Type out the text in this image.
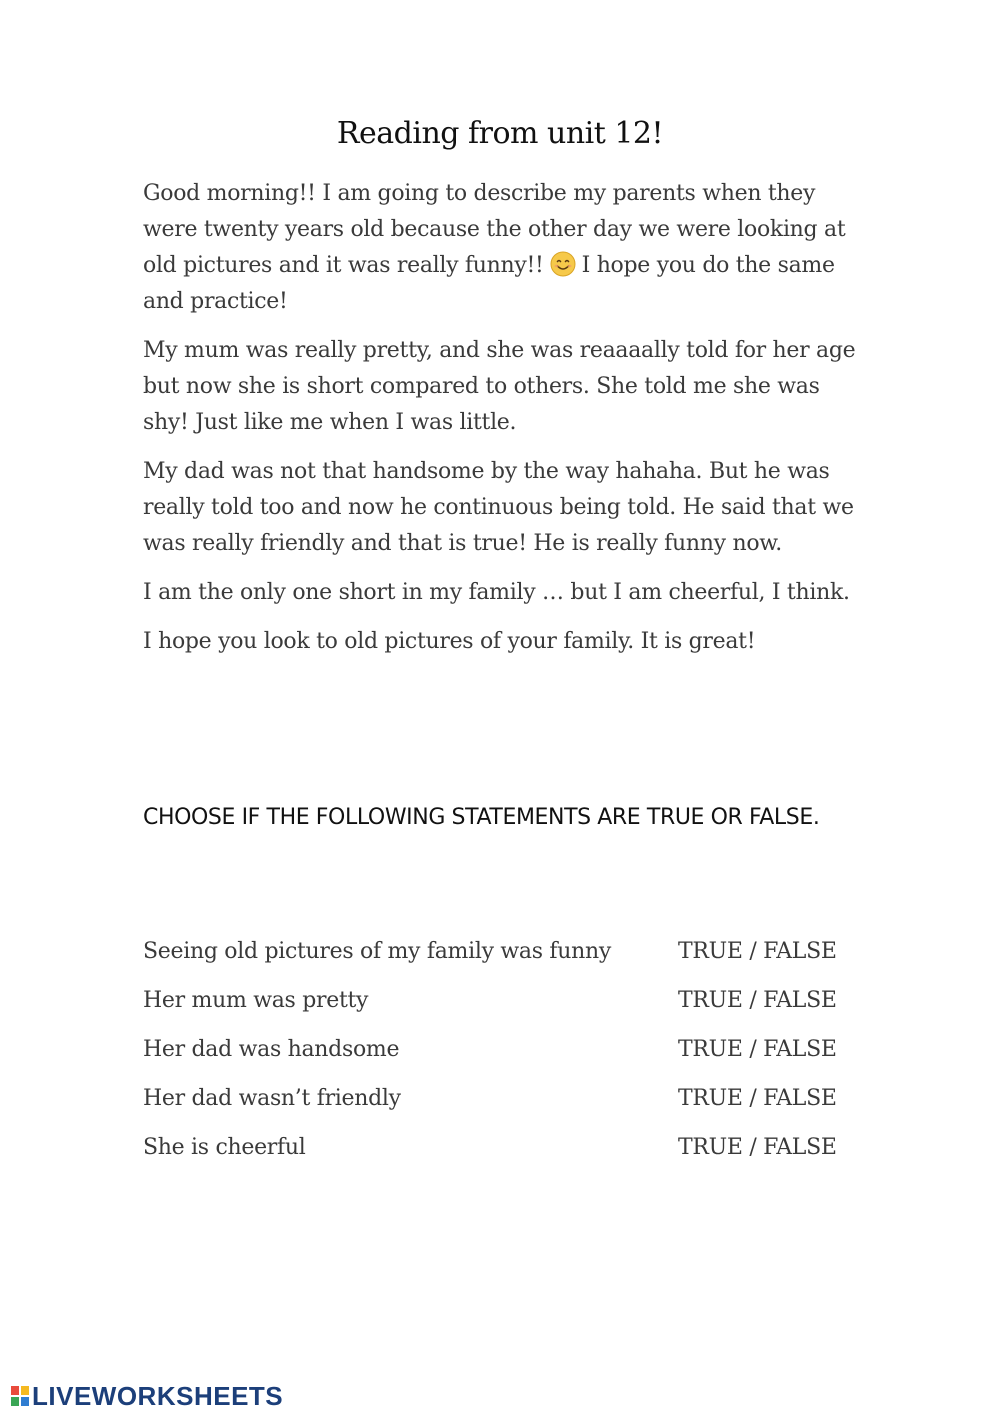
Reading from unit 12!

Good morning!! I am going to describe my parents when they were twenty years old because the other day we were looking at old pictures and it was really funny!! I hope you do the same and practice!

My mum was really pretty, and she was reaaaally told for her age but now she is short compared to others. She told me she was shy! Just like me when I was little.

My dad was not that handsome by the way hahaha. But he was really told too and now he continuous being told. He said that we was really friendly and that is true! He is really funny now.

I am the only one short in my family … but I am cheerful, I think.

I hope you look to old pictures of your family. It is great!

CHOOSE IF THE FOLLOWING STATEMENTS ARE TRUE OR FALSE.
Seeing old pictures of my family was funny	TRUE / FALSE
Her mum was pretty	TRUE / FALSE
Her dad was handsome	TRUE / FALSE
Her dad wasn’t friendly	TRUE / FALSE
She is cheerful	TRUE / FALSE
LIVEWORKSHEETS
